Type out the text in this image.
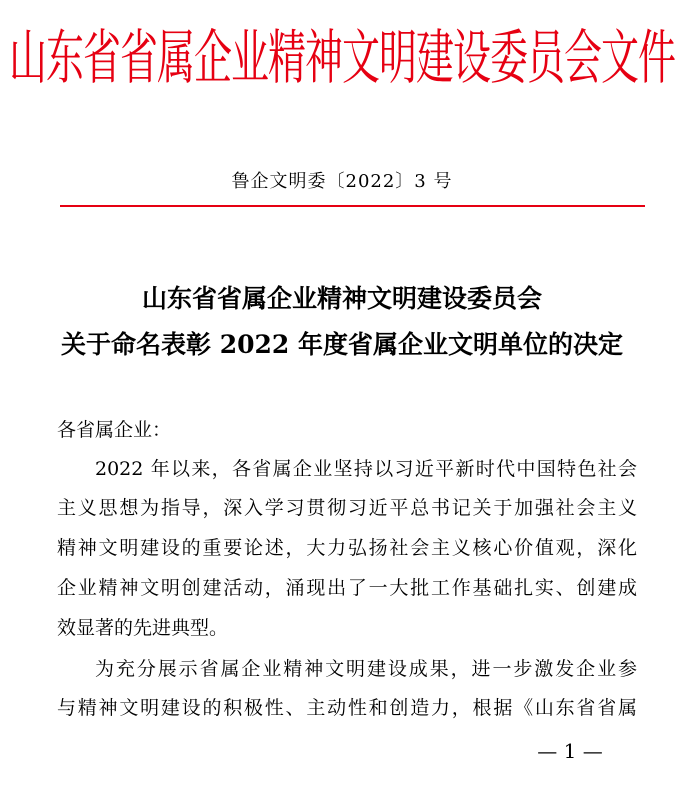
山东省省属企业精神文明建设委员会文件
鲁企文明委〔2022〕3 号
山东省省属企业精神文明建设委员会
关于命名表彰 2022 年度省属企业文明单位的决定
各省属企业：
2022 年以来，各省属企业坚持以习近平新时代中国特色社会
主义思想为指导，深入学习贯彻习近平总书记关于加强社会主义
精神文明建设的重要论述，大力弘扬社会主义核心价值观，深化
企业精神文明创建活动，涌现出了一大批工作基础扎实、创建成
效显著的先进典型。
为充分展示省属企业精神文明建设成果，进一步激发企业参
与精神文明建设的积极性、主动性和创造力，根据《山东省省属
— 1 —
